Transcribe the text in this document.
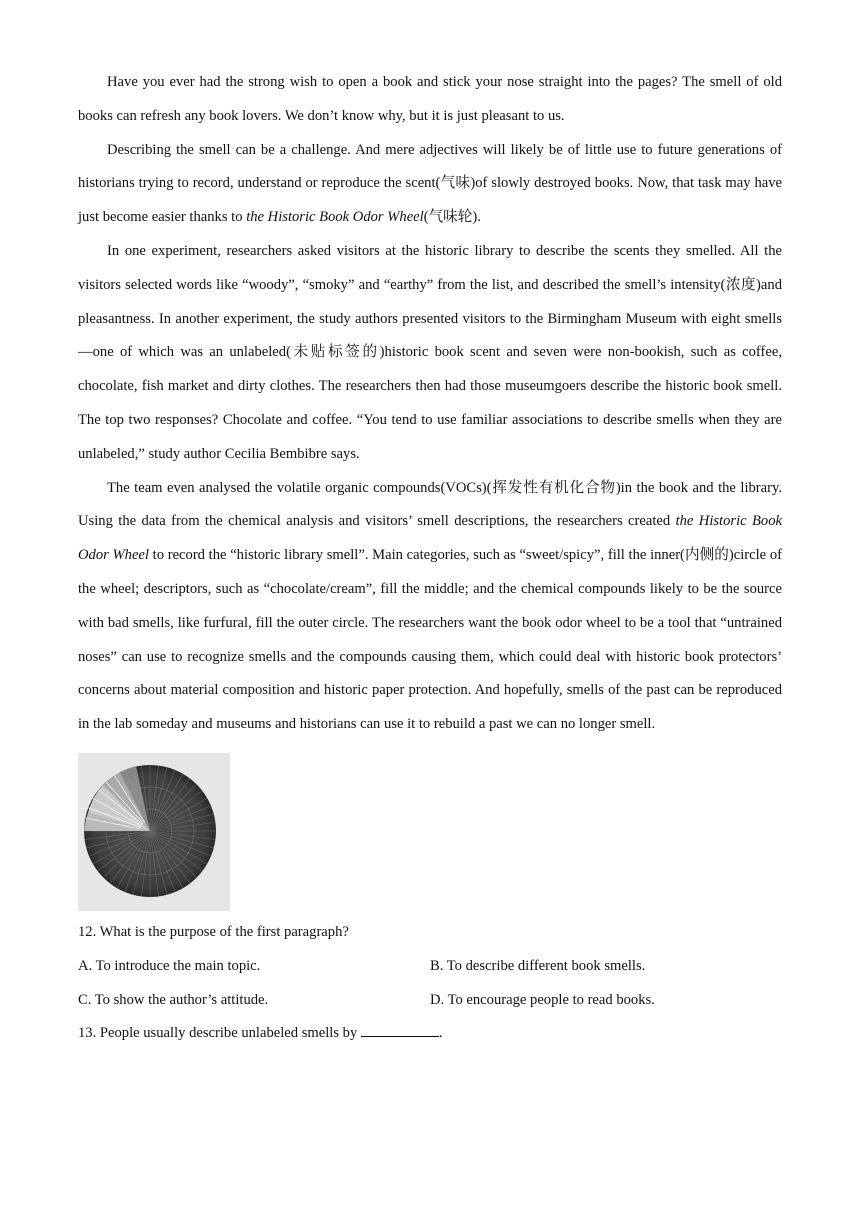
Have you ever had the strong wish to open a book and stick your nose straight into the pages? The smell of old books can refresh any book lovers. We don’t know why, but it is just pleasant to us.

Describing the smell can be a challenge. And mere adjectives will likely be of little use to future generations of historians trying to record, understand or reproduce the scent(气味)of slowly destroyed books. Now, that task may have just become easier thanks to the Historic Book Odor Wheel(气味轮).

In one experiment, researchers asked visitors at the historic library to describe the scents they smelled. All the visitors selected words like “woody”, “smoky” and “earthy” from the list, and described the smell’s intensity(浓度)and pleasantness. In another experiment, the study authors presented visitors to the Birmingham Museum with eight smells—one of which was an unlabeled(未贴标签的)historic book scent and seven were non-bookish, such as coffee, chocolate, fish market and dirty clothes. The researchers then had those museumgoers describe the historic book smell. The top two responses? Chocolate and coffee. “You tend to use familiar associations to describe smells when they are unlabeled,” study author Cecilia Bembibre says.

The team even analysed the volatile organic compounds(VOCs)(挥发性有机化合物)in the book and the library. Using the data from the chemical analysis and visitors’ smell descriptions, the researchers created the Historic Book Odor Wheel to record the “historic library smell”. Main categories, such as “sweet/spicy”, fill the inner(内侧的)circle of the wheel; descriptors, such as “chocolate/cream”, fill the middle; and the chemical compounds likely to be the source with bad smells, like furfural, fill the outer circle. The researchers want the book odor wheel to be a tool that “untrained noses” can use to recognize smells and the compounds causing them, which could deal with historic book protectors’ concerns about material composition and historic paper protection. And hopefully, smells of the past can be reproduced in the lab someday and museums and historians can use it to rebuild a past we can no longer smell.

12. What is the purpose of the first paragraph?

A. To introduce the main topic.	B. To describe different book smells.
C. To show the author’s attitude.	D. To encourage people to read books.

13. People usually describe unlabeled smells by	.
